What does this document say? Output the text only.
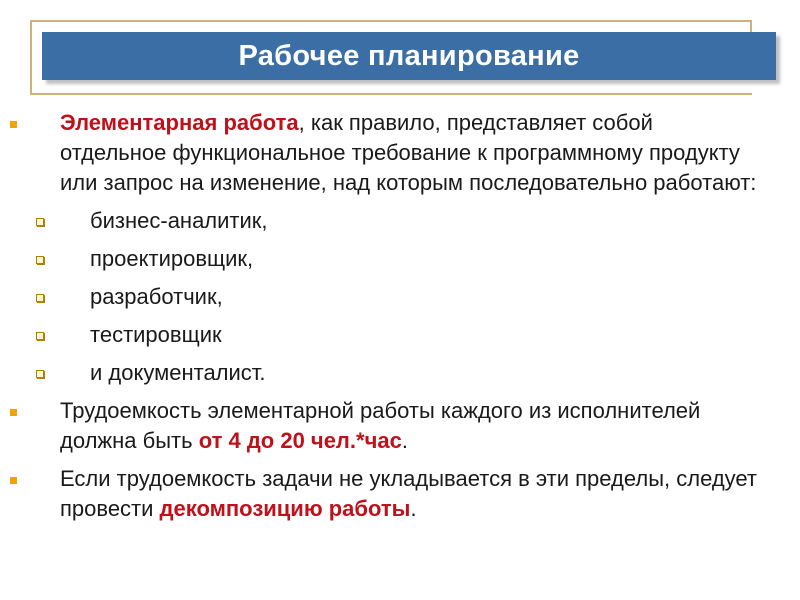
Рабочее планирование
Элементарная работа, как правило, представляет собой отдельное функциональное требование к программному продукту или запрос на изменение, над которым последовательно работают:
бизнес-аналитик,
проектировщик,
разработчик,
тестировщик
и документалист.
Трудоемкость элементарной работы каждого из исполнителей должна быть от 4 до 20 чел.*час.
Если трудоемкость задачи не укладывается в эти пределы, следует провести декомпозицию работы.
